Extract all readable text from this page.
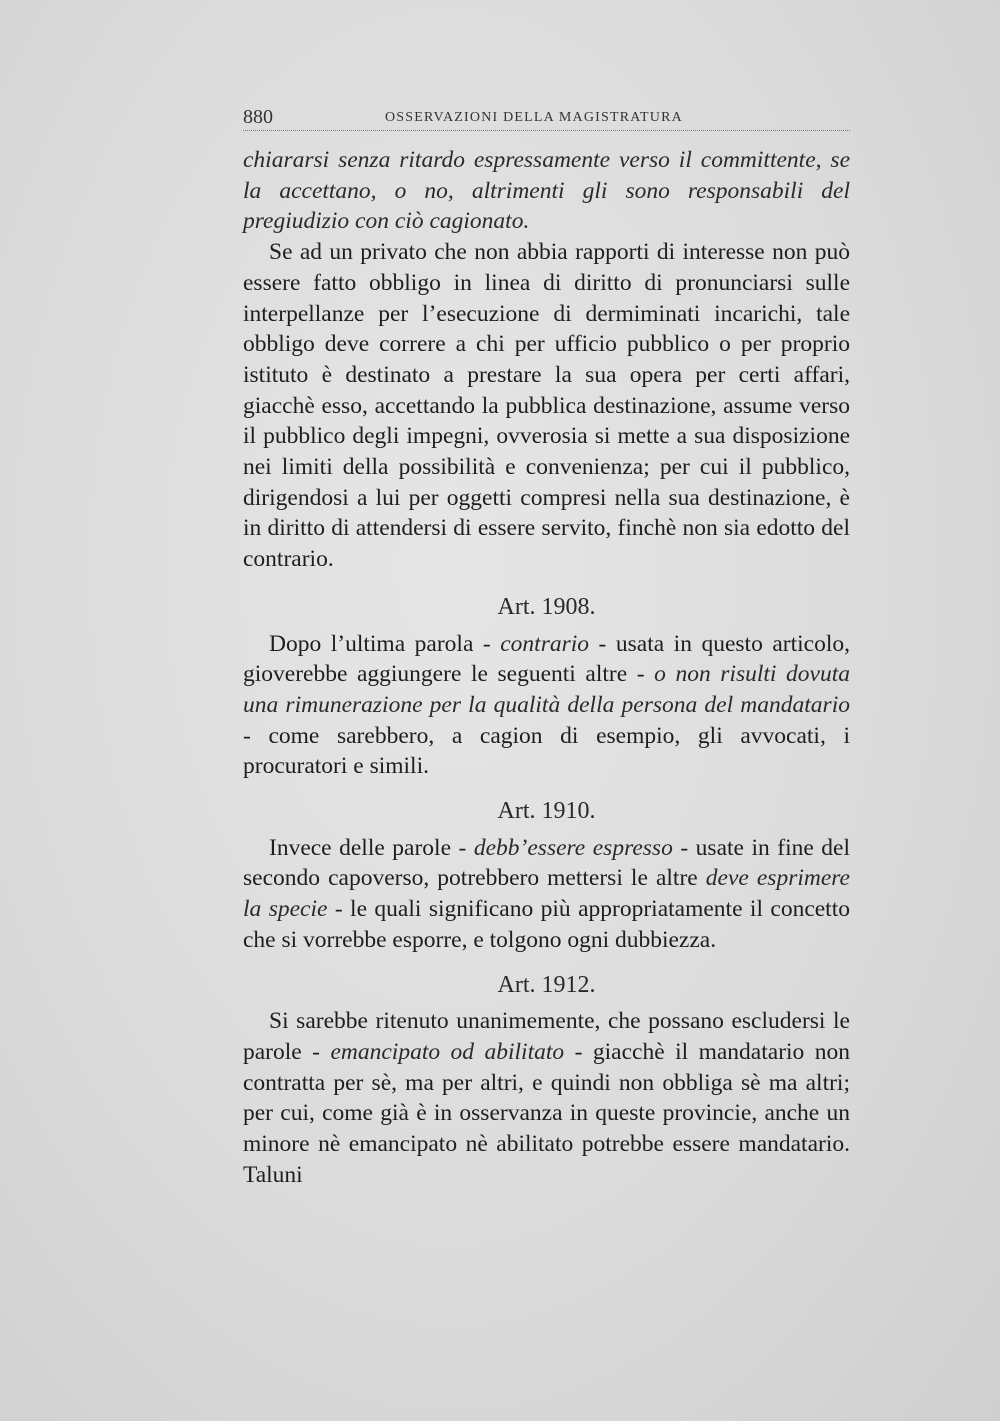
880	OSSERVAZIONI DELLA MAGISTRATURA

chiararsi senza ritardo espressamente verso il committente, se la accettano, o no, altrimenti gli sono responsabili del pregiudizio con ciò cagionato.

Se ad un privato che non abbia rapporti di interesse non può essere fatto obbligo in linea di diritto di pronunciarsi sulle interpellanze per l’esecuzione di dermiminati incarichi, tale obbligo deve correre a chi per ufficio pubblico o per proprio istituto è destinato a prestare la sua opera per certi affari, giacchè esso, accettando la pubblica destinazione, assume verso il pubblico degli impegni, ovverosia si mette a sua disposizione nei limiti della possibilità e convenienza; per cui il pubblico, dirigendosi a lui per oggetti compresi nella sua destinazione, è in diritto di attendersi di essere servito, finchè non sia edotto del contrario.

Art. 1908.

Dopo l’ultima parola - contrario - usata in questo articolo, gioverebbe aggiungere le seguenti altre - o non risulti dovuta una rimunerazione per la qualità della persona del mandatario - come sarebbero, a cagion di esempio, gli avvocati, i procuratori e simili.

Art. 1910.

Invece delle parole - debb’essere espresso - usate in fine del secondo capoverso, potrebbero mettersi le altre deve esprimere la specie - le quali significano più appropriatamente il concetto che si vorrebbe esporre, e tolgono ogni dubbiezza.

Art. 1912.

Si sarebbe ritenuto unanimemente, che possano escludersi le parole - emancipato od abilitato - giacchè il mandatario non contratta per sè, ma per altri, e quindi non obbliga sè ma altri; per cui, come già è in osservanza in queste provincie, anche un minore nè emancipato nè abilitato potrebbe essere mandatario. Taluni
